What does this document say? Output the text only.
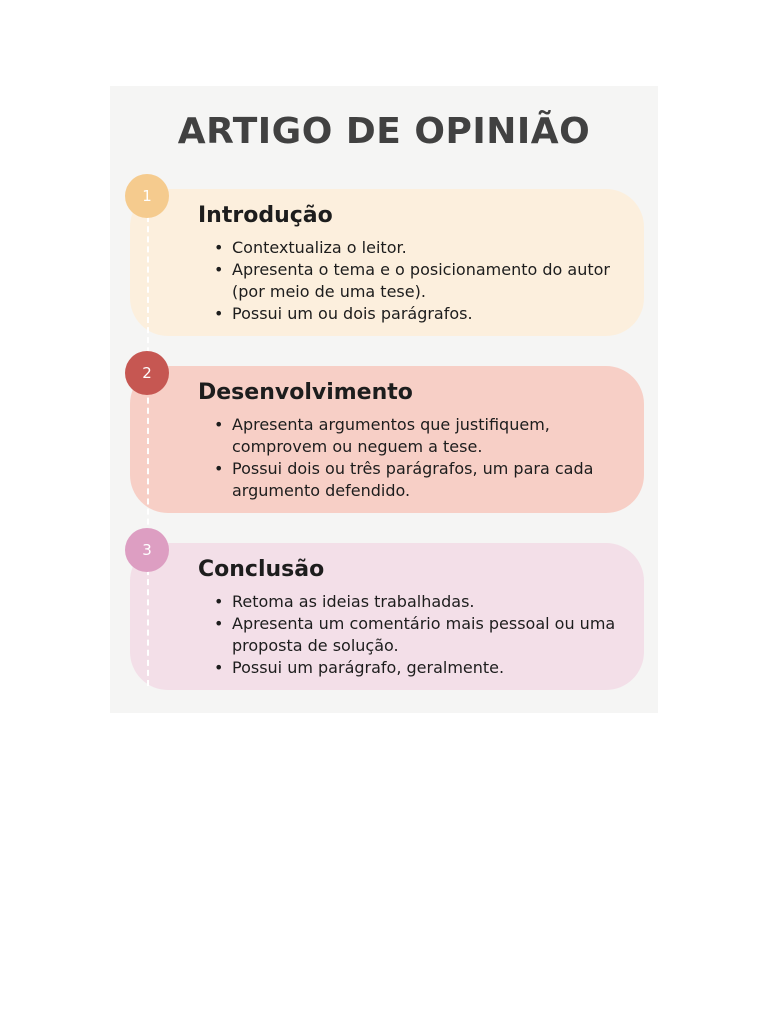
ARTIGO DE OPINIÃO
Introdução
• Contextualiza o leitor.
• Apresenta o tema e o posicionamento do autor (por meio de uma tese).
• Possui um ou dois parágrafos.
Desenvolvimento
• Apresenta argumentos que justifiquem, comprovem ou neguem a tese.
• Possui dois ou três parágrafos, um para cada argumento defendido.
Conclusão
• Retoma as ideias trabalhadas.
• Apresenta um comentário mais pessoal ou uma proposta de solução.
• Possui um parágrafo, geralmente.
1
2
3
